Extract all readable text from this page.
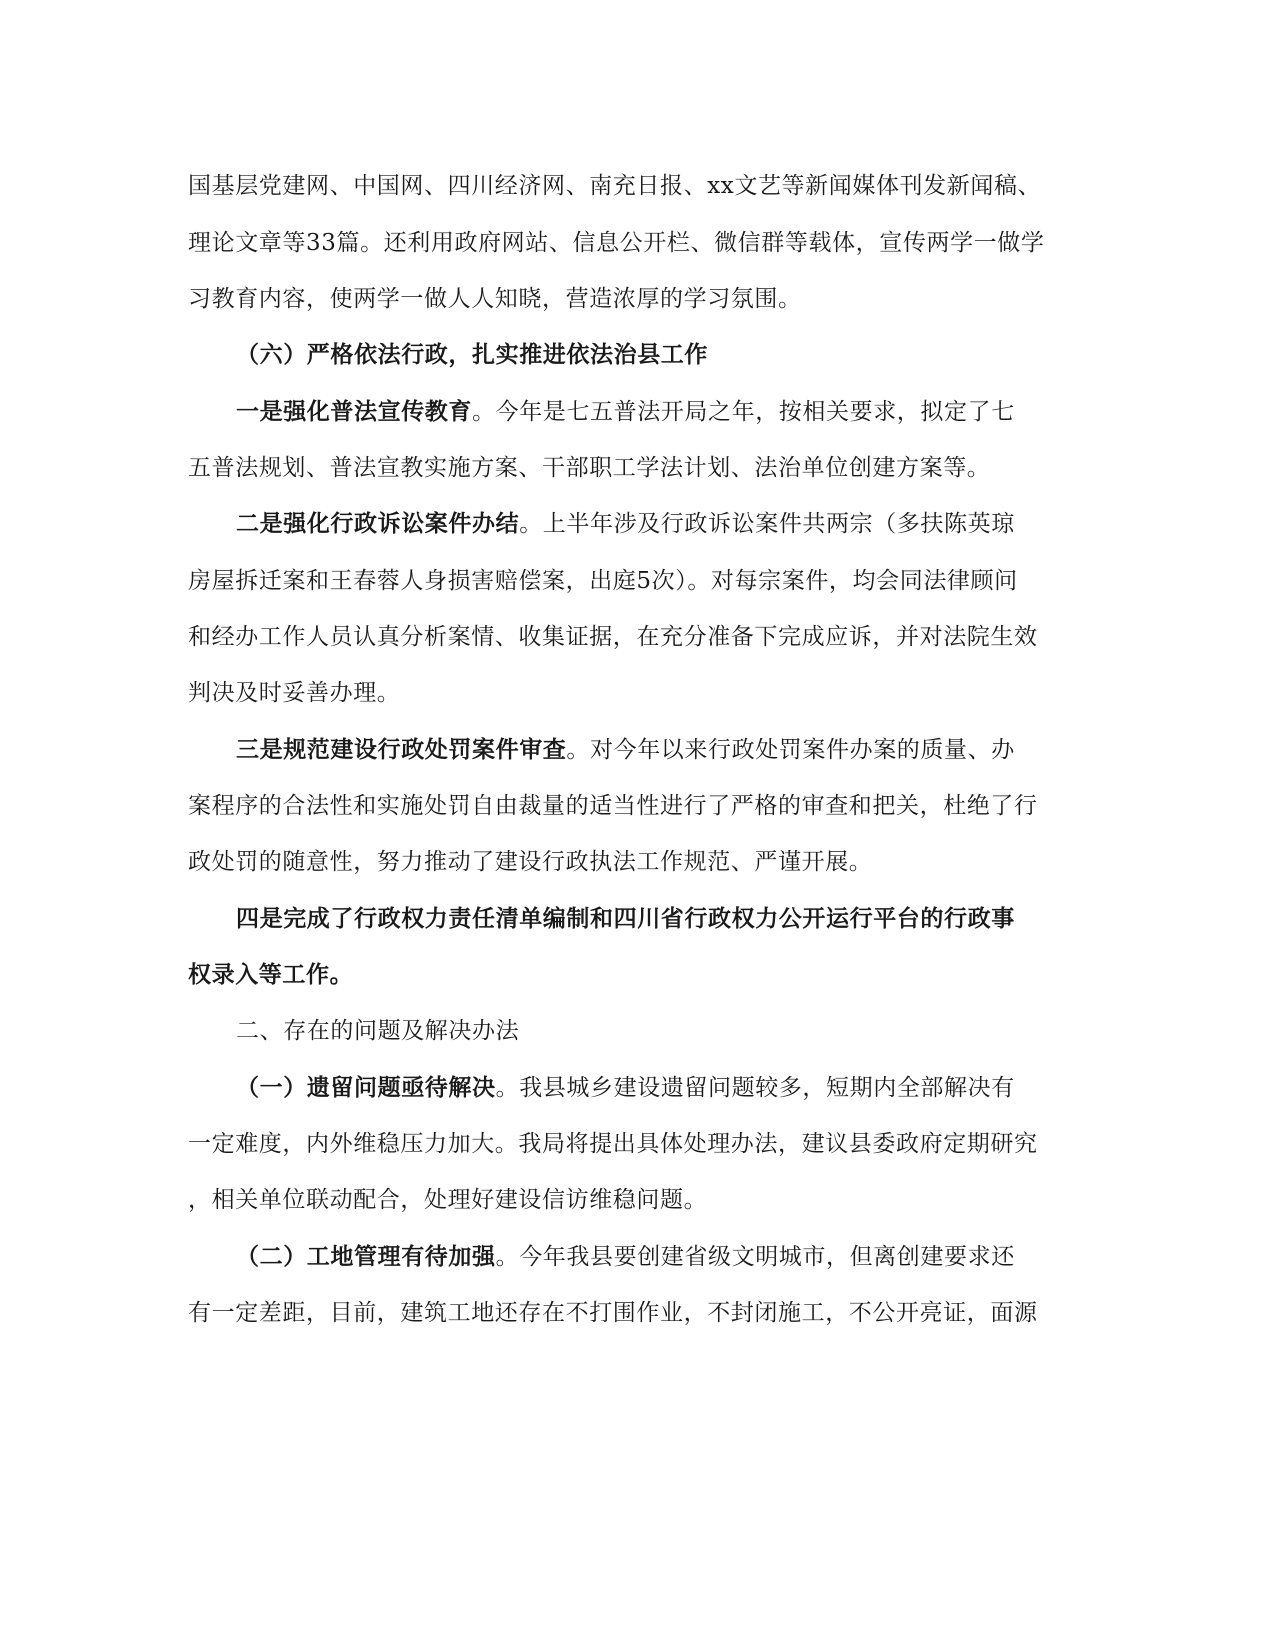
国基层党建网、中国网、四川经济网、南充日报、xx文艺等新闻媒体刊发新闻稿、
理论文章等33篇。还利用政府网站、信息公开栏、微信群等载体，宣传两学一做学
习教育内容，使两学一做人人知晓，营造浓厚的学习氛围。
（六）严格依法行政，扎实推进依法治县工作
一是强化普法宣传教育。今年是七五普法开局之年，按相关要求，拟定了七
五普法规划、普法宣教实施方案、干部职工学法计划、法治单位创建方案等。
二是强化行政诉讼案件办结。上半年涉及行政诉讼案件共两宗（多扶陈英琼
房屋拆迁案和王春蓉人身损害赔偿案，出庭5次）。对每宗案件，均会同法律顾问
和经办工作人员认真分析案情、收集证据，在充分准备下完成应诉，并对法院生效
判决及时妥善办理。
三是规范建设行政处罚案件审查。对今年以来行政处罚案件办案的质量、办
案程序的合法性和实施处罚自由裁量的适当性进行了严格的审查和把关，杜绝了行
政处罚的随意性，努力推动了建设行政执法工作规范、严谨开展。
四是完成了行政权力责任清单编制和四川省行政权力公开运行平台的行政事
权录入等工作。
二、存在的问题及解决办法
（一）遗留问题亟待解决。我县城乡建设遗留问题较多，短期内全部解决有
一定难度，内外维稳压力加大。我局将提出具体处理办法，建议县委政府定期研究
，相关单位联动配合，处理好建设信访维稳问题。
（二）工地管理有待加强。今年我县要创建省级文明城市，但离创建要求还
有一定差距，目前，建筑工地还存在不打围作业，不封闭施工，不公开亮证，面源
